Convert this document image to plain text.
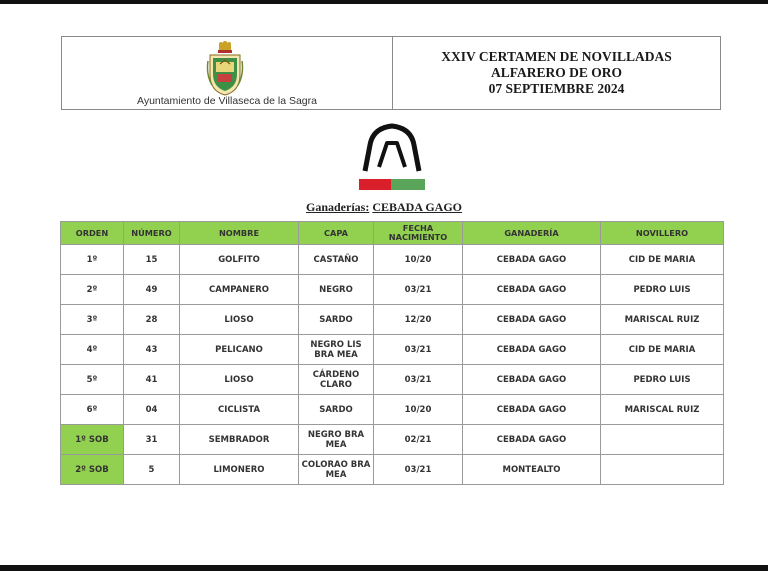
Ayuntamiento de Villaseca de la Sagra
XXIV CERTAMEN DE NOVILLADAS
ALFARERO DE ORO
07 SEPTIEMBRE 2024
Ganaderías: CEBADA GAGO
ORDEN	NÚMERO	NOMBRE	CAPA	FECHA NACIMIENTO	GANADERÍA	NOVILLERO
1º	15	GOLFITO	CASTAÑO	10/20	CEBADA GAGO	CID DE MARIA
2º	49	CAMPANERO	NEGRO	03/21	CEBADA GAGO	PEDRO LUIS
3º	28	LIOSO	SARDO	12/20	CEBADA GAGO	MARISCAL RUIZ
4º	43	PELICANO	NEGRO LIS BRA MEA	03/21	CEBADA GAGO	CID DE MARIA
5º	41	LIOSO	CÁRDENO CLARO	03/21	CEBADA GAGO	PEDRO LUIS
6º	04	CICLISTA	SARDO	10/20	CEBADA GAGO	MARISCAL RUIZ
1º SOB	31	SEMBRADOR	NEGRO BRA MEA	02/21	CEBADA GAGO	
2º SOB	5	LIMONERO	COLORAO BRA MEA	03/21	MONTEALTO	
